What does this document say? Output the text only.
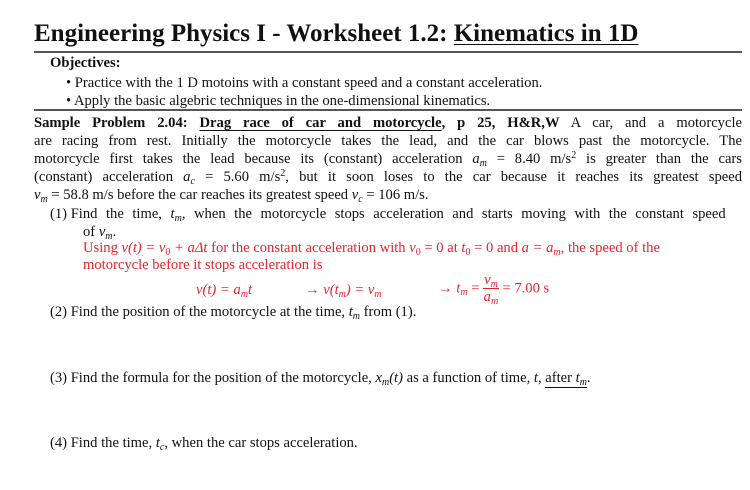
Engineering Physics I - Worksheet 1.2: Kinematics in 1D
Objectives:
• Practice with the 1 D motoins with a constant speed and a constant acceleration.
• Apply the basic algebric techniques in the one-dimensional kinematics.
Sample Problem 2.04: Drag race of car and motorcycle, p 25, H&R,W A car, and a motorcycle
are racing from rest. Initially the motorcycle takes the lead, and the car blows past the motorcycle. The
motorcycle first takes the lead because its (constant) acceleration $a_m = 8.40$ $m/s^2$ is greater than the cars
(constant) acceleration $a_c = 5.60$ $m/s^2$, but it soon loses to the car because it reaches its greatest speed
$v_m = 58.8$ m/s before the car reaches its greatest speed $v_c = 106$ m/s.
(1) Find the time, $t_m$, when the motorcycle stops acceleration and starts moving with the constant speed
of $v_m$.
Using $v(t) = v_0 + a\Delta t$ for the constant acceleration with $v_0 = 0$ at $t_0 = 0$ and $a = a_m$, the speed of the
motorcycle before it stops acceleration is
$v(t) = a_mt$	→ $v(t_m) = v_m$	→ $t_m = \frac{v_m}{a_m} = 7.00$ s
(2) Find the position of the motorcycle at the time, $t_m$ from (1).
(3) Find the formula for the position of the motorcycle, $x_m(t)$ as a function of time, t, after $t_m$.
(4) Find the time, $t_c$, when the car stops acceleration.
